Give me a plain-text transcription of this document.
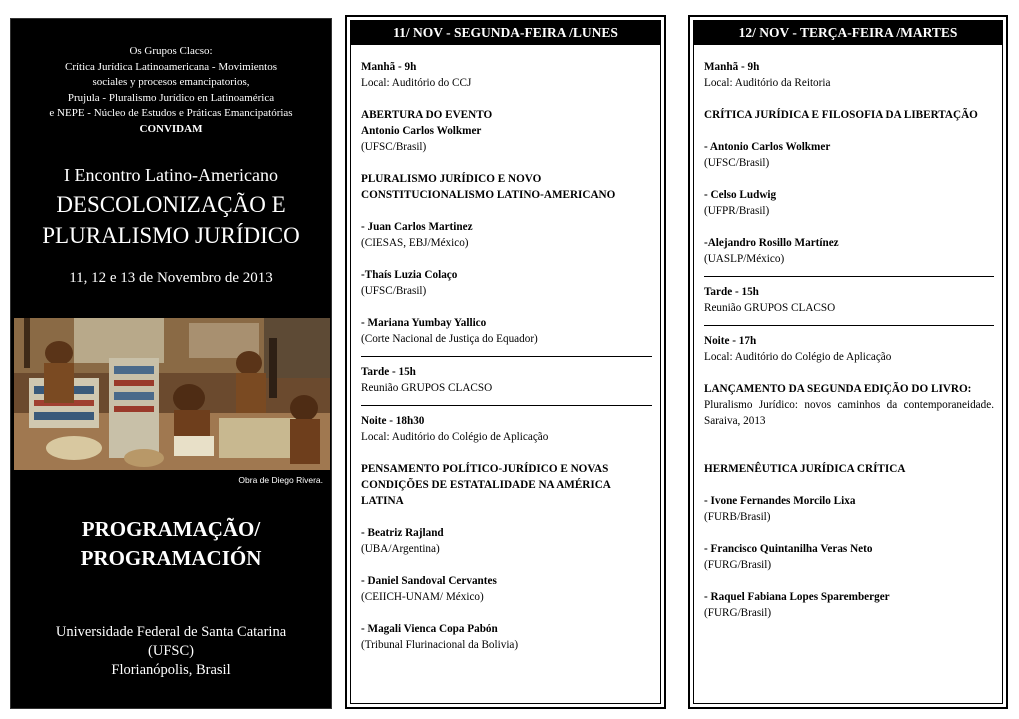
Os Grupos Clacso:
Crítica Jurídica Latinoamericana - Movimientos
sociales y procesos emancipatorios,
Prujula - Pluralismo Jurídico en Latinoamérica
e NEPE - Núcleo de Estudos e Práticas Emancipatórias
CONVIDAM
I Encontro Latino-Americano
DESCOLONIZAÇÃO E
PLURALISMO JURÍDICO
11, 12 e 13 de Novembro de 2013
Obra de Diego Rivera.
PROGRAMAÇÃO/
PROGRAMACIÓN
Universidade Federal de Santa Catarina
(UFSC)
Florianópolis, Brasil
11/ NOV - SEGUNDA-FEIRA /LUNES
Manhã - 9h
Local: Auditório do CCJ
ABERTURA DO EVENTO
Antonio Carlos Wolkmer
(UFSC/Brasil)
PLURALISMO JURÍDICO E NOVO
CONSTITUCIONALISMO LATINO-AMERICANO
- Juan Carlos Martinez
(CIESAS, EBJ/México)
-Thaís Luzia Colaço
(UFSC/Brasil)
- Mariana Yumbay Yallico
(Corte Nacional de Justiça do Equador)
Tarde - 15h
Reunião GRUPOS CLACSO
Noite - 18h30
Local: Auditório do Colégio de Aplicação
PENSAMENTO POLÍTICO-JURÍDICO E NOVAS
CONDIÇÕES DE ESTATALIDADE NA AMÉRICA
LATINA
- Beatriz Rajland
(UBA/Argentina)
- Daniel Sandoval Cervantes
(CEIICH-UNAM/ México)
- Magali Vienca Copa Pabón
(Tribunal Flurinacional da Bolivia)
12/ NOV - TERÇA-FEIRA /MARTES
Manhã - 9h
Local: Auditório da Reitoria
CRÍTICA JURÍDICA E FILOSOFIA DA LIBERTAÇÃO
- Antonio Carlos Wolkmer
(UFSC/Brasil)
- Celso Ludwig
(UFPR/Brasil)
-Alejandro Rosillo Martínez
(UASLP/México)
Tarde - 15h
Reunião GRUPOS CLACSO
Noite - 17h
Local: Auditório do Colégio de Aplicação
LANÇAMENTO DA SEGUNDA EDIÇÃO DO LIVRO:
Pluralismo Jurídico: novos caminhos da contemporaneidade. Saraiva, 2013
HERMENÊUTICA JURÍDICA CRÍTICA
- Ivone Fernandes Morcilo Lixa
(FURB/Brasil)
- Francisco Quintanilha Veras Neto
(FURG/Brasil)
- Raquel Fabiana Lopes Sparemberger
(FURG/Brasil)
